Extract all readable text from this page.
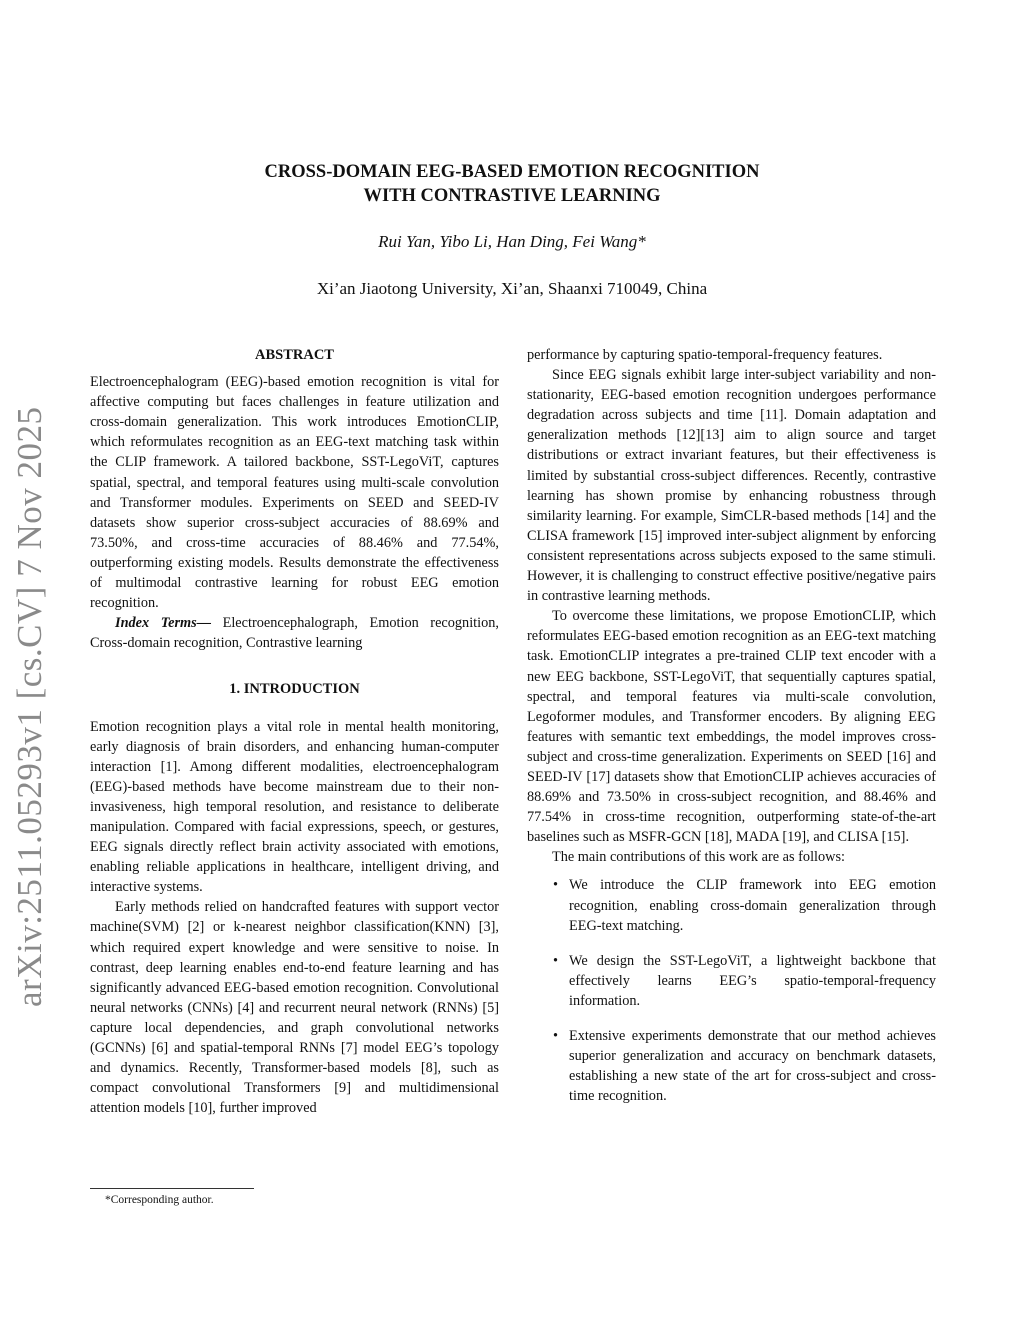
arXiv:2511.05293v1 [cs.CV] 7 Nov 2025
CROSS-DOMAIN EEG-BASED EMOTION RECOGNITION
WITH CONTRASTIVE LEARNING
Rui Yan, Yibo Li, Han Ding, Fei Wang*
Xi’an Jiaotong University, Xi’an, Shaanxi 710049, China
ABSTRACT

Electroencephalogram (EEG)-based emotion recognition is vital for affective computing but faces challenges in feature utilization and cross-domain generalization. This work introduces EmotionCLIP, which reformulates recognition as an EEG-text matching task within the CLIP framework. A tailored backbone, SST-LegoViT, captures spatial, spectral, and temporal features using multi-scale convolution and Transformer modules. Experiments on SEED and SEED-IV datasets show superior cross-subject accuracies of 88.69% and 73.50%, and cross-time accuracies of 88.46% and 77.54%, outperforming existing models. Results demonstrate the effectiveness of multimodal contrastive learning for robust EEG emotion recognition.

Index Terms— Electroencephalograph, Emotion recognition, Cross-domain recognition, Contrastive learning

1. INTRODUCTION

Emotion recognition plays a vital role in mental health monitoring, early diagnosis of brain disorders, and enhancing human-computer interaction [1]. Among different modalities, electroencephalogram (EEG)-based methods have become mainstream due to their non-invasiveness, high temporal resolution, and resistance to deliberate manipulation. Compared with facial expressions, speech, or gestures, EEG signals directly reflect brain activity associated with emotions, enabling reliable applications in healthcare, intelligent driving, and interactive systems.

Early methods relied on handcrafted features with support vector machine(SVM) [2] or k-nearest neighbor classification(KNN) [3], which required expert knowledge and were sensitive to noise. In contrast, deep learning enables end-to-end feature learning and has significantly advanced EEG-based emotion recognition. Convolutional neural networks (CNNs) [4] and recurrent neural network (RNNs) [5] capture local dependencies, and graph convolutional networks (GCNNs) [6] and spatial-temporal RNNs [7] model EEG’s topology and dynamics. Recently, Transformer-based models [8], such as compact convolutional Transformers [9] and multidimensional attention models [10], further improved

performance by capturing spatio-temporal-frequency features.

Since EEG signals exhibit large inter-subject variability and non-stationarity, EEG-based emotion recognition undergoes performance degradation across subjects and time [11]. Domain adaptation and generalization methods [12][13] aim to align source and target distributions or extract invariant features, but their effectiveness is limited by substantial cross-subject differences. Recently, contrastive learning has shown promise by enhancing robustness through similarity learning. For example, SimCLR-based methods [14] and the CLISA framework [15] improved inter-subject alignment by enforcing consistent representations across subjects exposed to the same stimuli. However, it is challenging to construct effective positive/negative pairs in contrastive learning methods.

To overcome these limitations, we propose EmotionCLIP, which reformulates EEG-based emotion recognition as an EEG-text matching task. EmotionCLIP integrates a pre-trained CLIP text encoder with a new EEG backbone, SST-LegoViT, that sequentially captures spatial, spectral, and temporal features via multi-scale convolution, Legoformer modules, and Transformer encoders. By aligning EEG features with semantic text embeddings, the model improves cross-subject and cross-time generalization. Experiments on SEED [16] and SEED-IV [17] datasets show that EmotionCLIP achieves accuracies of 88.69% and 73.50% in cross-subject recognition, and 88.46% and 77.54% in cross-time recognition, outperforming state-of-the-art baselines such as MSFR-GCN [18], MADA [19], and CLISA [15].

The main contributions of this work are as follows:

• We introduce the CLIP framework into EEG emotion recognition, enabling cross-domain generalization through EEG-text matching.
• We design the SST-LegoViT, a lightweight backbone that effectively learns EEG’s spatio-temporal-frequency information.
• Extensive experiments demonstrate that our method achieves superior generalization and accuracy on benchmark datasets, establishing a new state of the art for cross-subject and cross-time recognition.
*Corresponding author.
